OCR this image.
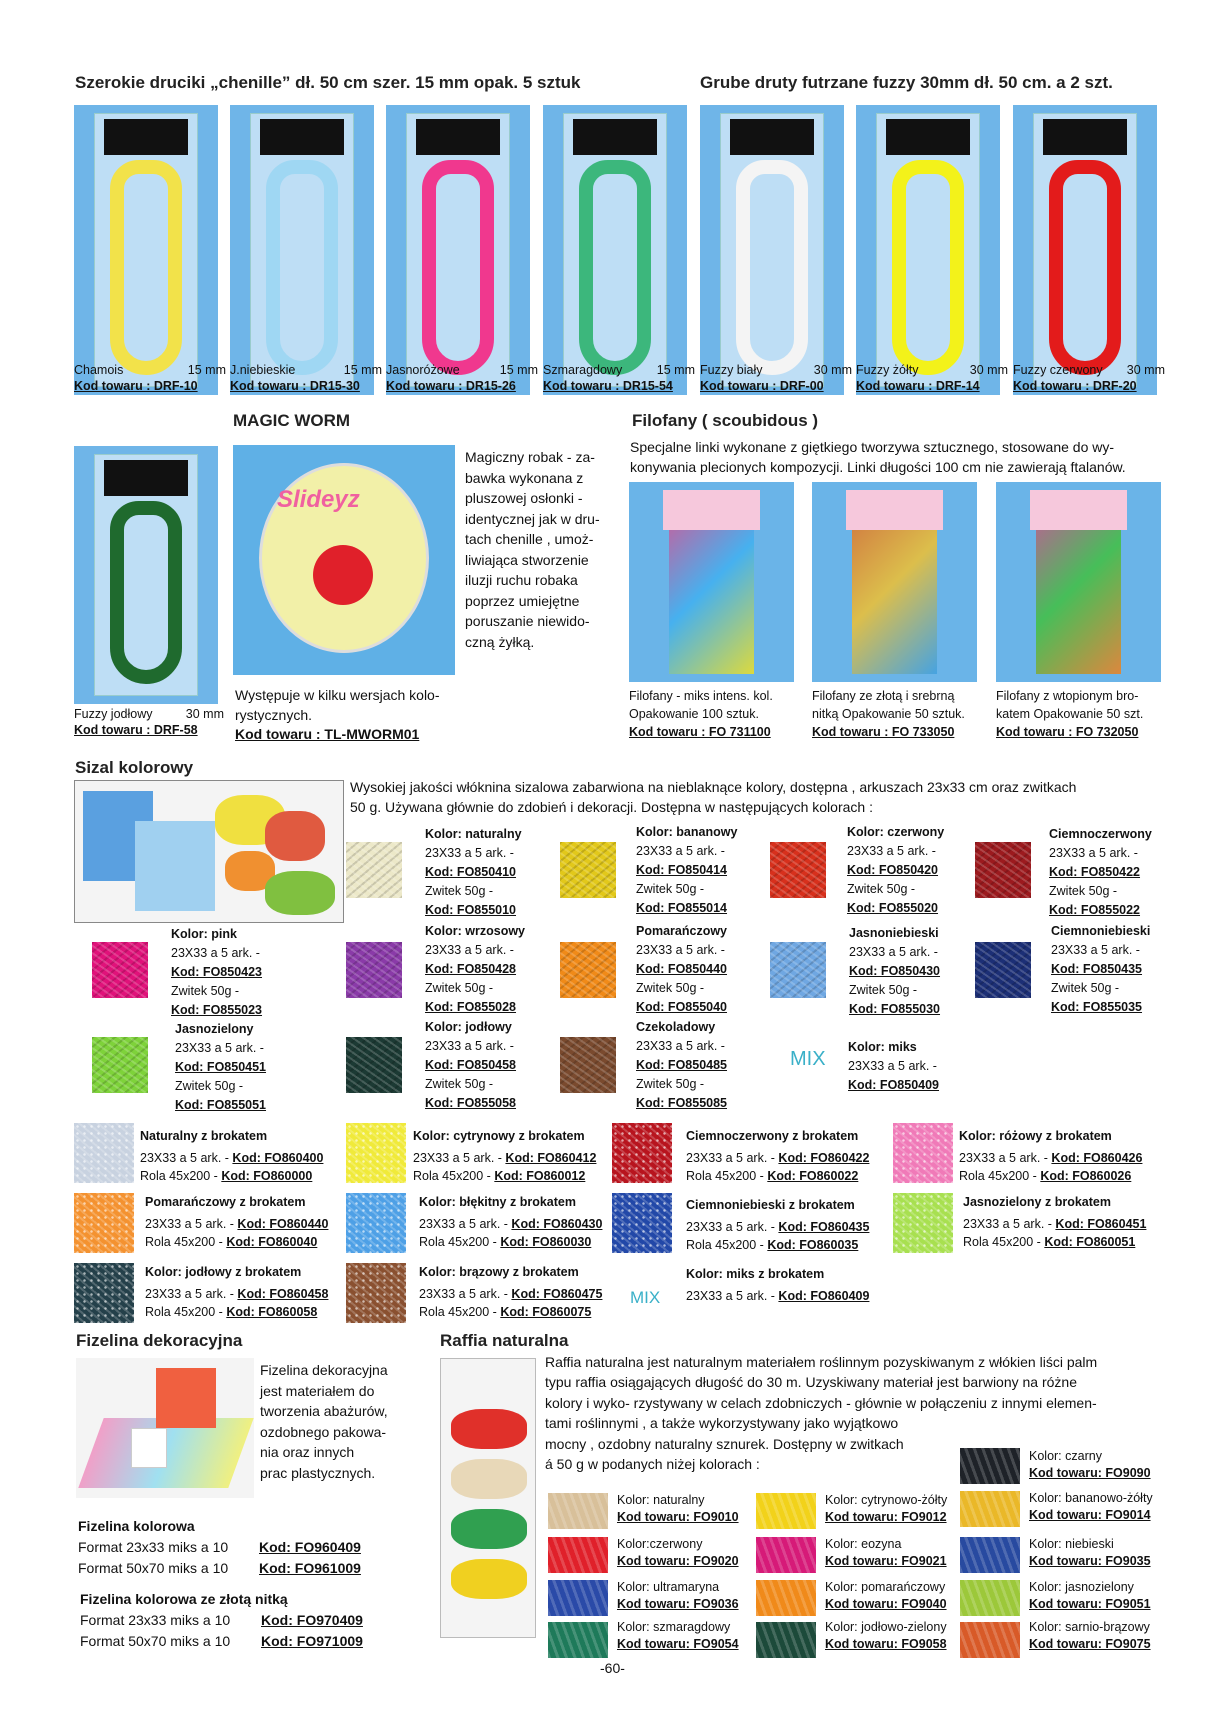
Szerokie druciki „chenille” dł. 50 cm szer. 15 mm opak. 5 sztuk	Grube druty futrzane fuzzy 30mm dł. 50 cm. a 2 szt.
Chamois	15 mm
Kod towaru : DRF-10
J.niebieskie	15 mm
Kod towaru : DR15-30
Jasnoróżowe	15 mm
Kod towaru : DR15-26
Szmaragdowy	15 mm
Kod towaru : DR15-54
Fuzzy biały	30 mm
Kod towaru : DRF-00
Fuzzy żółty	30 mm
Kod towaru : DRF-14
Fuzzy czerwony 30 mm
Kod towaru : DRF-20
Fuzzy jodłowy	30 mm
Kod towaru : DRF-58
MAGIC WORM
Slideyz
Magiczny robak - za-
bawka wykonana z
pluszowej osłonki -
identycznej jak w dru-
tach chenille , umoż-
liwiająca stworzenie
iluzji ruchu robaka
poprzez umiejętne
poruszanie niewido-
czną żyłką.
Występuje w kilku wersjach kolo-
rystycznych.
Kod towaru : TL-MWORM01
Filofany ( scoubidous )
Specjalne linki wykonane z giętkiego tworzywa sztucznego, stosowane do wy-
konywania plecionych kompozycji. Linki długości 100 cm nie zawierają ftalanów.
Filofany - miks intens. kol.
Opakowanie 100 sztuk.
Kod towaru : FO 731100
Filofany ze złotą i srebrną
nitką Opakowanie 50 sztuk.
Kod towaru : FO 733050
Filofany z wtopionym bro-
katem Opakowanie 50 szt.
Kod towaru : FO 732050
Sizal kolorowy
Wysokiej jakości włóknina sizalowa zabarwiona na nieblaknące kolory, dostępna , arkuszach 23x33 cm oraz zwitkach
50 g. Używana głównie do zdobień i dekoracji. Dostępna w następujących kolorach :
Kolor: naturalny
23X33 a 5 ark. -
Kod: FO850410
Zwitek 50g -
Kod: FO855010
Kolor: bananowy
23X33 a 5 ark. -
Kod: FO850414
Zwitek 50g -
Kod: FO855014
Kolor: czerwony
23X33 a 5 ark. -
Kod: FO850420
Zwitek 50g -
Kod: FO855020
Ciemnoczerwony
23X33 a 5 ark. -
Kod: FO850422
Zwitek 50g -
Kod: FO855022
Kolor: pink
23X33 a 5 ark. -
Kod: FO850423
Zwitek 50g -
Kod: FO855023
Kolor: wrzosowy
23X33 a 5 ark. -
Kod: FO850428
Zwitek 50g -
Kod: FO855028
Pomarańczowy
23X33 a 5 ark. -
Kod: FO850440
Zwitek 50g -
Kod: FO855040
Jasnoniebieski
23X33 a 5 ark. -
Kod: FO850430
Zwitek 50g -
Kod: FO855030
Ciemnoniebieski
23X33 a 5 ark. -
Kod: FO850435
Zwitek 50g -
Kod: FO855035
Jasnozielony
23X33 a 5 ark. -
Kod: FO850451
Zwitek 50g -
Kod: FO855051
Kolor: jodłowy
23X33 a 5 ark. -
Kod: FO850458
Zwitek 50g -
Kod: FO855058
Czekoladowy
23X33 a 5 ark. -
Kod: FO850485
Zwitek 50g -
Kod: FO855085
MIX
Kolor: miks
23X33 a 5 ark. -
Kod: FO850409
Naturalny z brokatem
23X33 a 5 ark. - Kod: FO860400
Rola 45x200 - Kod: FO860000
Kolor: cytrynowy z brokatem
23X33 a 5 ark. - Kod: FO860412
Rola 45x200 - Kod: FO860012
Ciemnoczerwony z brokatem
23X33 a 5 ark. - Kod: FO860422
Rola 45x200 - Kod: FO860022
Kolor: różowy z brokatem
23X33 a 5 ark. - Kod: FO860426
Rola 45x200 - Kod: FO860026
Pomarańczowy z brokatem
23X33 a 5 ark. - Kod: FO860440
Rola 45x200 - Kod: FO860040
Kolor: błękitny z brokatem
23X33 a 5 ark. - Kod: FO860430
Rola 45x200 - Kod: FO860030
Ciemnoniebieski z brokatem
23X33 a 5 ark. - Kod: FO860435
Rola 45x200 - Kod: FO860035
Jasnozielony z brokatem
23X33 a 5 ark. - Kod: FO860451
Rola 45x200 - Kod: FO860051
Kolor: jodłowy z brokatem
23X33 a 5 ark. - Kod: FO860458
Rola 45x200 - Kod: FO860058
Kolor: brązowy z brokatem
23X33 a 5 ark. - Kod: FO860475
Rola 45x200 - Kod: FO860075
MIX
Kolor: miks z brokatem
23X33 a 5 ark. - Kod: FO860409
Fizelina dekoracyjna
Fizelina dekoracyjna
jest materiałem do
tworzenia abażurów,
ozdobnego pakowa-
nia oraz innych
prac plastycznych.
Fizelina kolorowa
Format 23x33 miks a 10 Kod: FO960409
Format 50x70 miks a 10 Kod: FO961009
Fizelina kolorowa ze złotą nitką
Format 23x33 miks a 10 Kod: FO970409
Format 50x70 miks a 10 Kod: FO971009
Raffia naturalna
Raffia naturalna jest naturalnym materiałem roślinnym pozyskiwanym z włókien liści palm
typu raffia osiągających długość do 30 m. Uzyskiwany materiał jest barwiony na różne
kolory i wyko- rzystywany w celach zdobniczych - głównie w połączeniu z innymi elemen-
tami roślinnymi , a także wykorzystywany jako wyjątkowo
mocny , ozdobny naturalny sznurek. Dostępny w zwitkach
á 50 g w podanych niżej kolorach :
Kolor: czarny
Kod towaru: FO9090
Kolor: naturalny
Kod towaru: FO9010
Kolor: cytrynowo-żółty
Kod towaru: FO9012
Kolor: bananowo-żółty
Kod towaru: FO9014
Kolor:czerwony
Kod towaru: FO9020
Kolor: eozyna
Kod towaru: FO9021
Kolor: niebieski
Kod towaru: FO9035
Kolor: ultramaryna
Kod towaru: FO9036
Kolor: pomarańczowy
Kod towaru: FO9040
Kolor: jasnozielony
Kod towaru: FO9051
Kolor: szmaragdowy
Kod towaru: FO9054
Kolor: jodłowo-zielony
Kod towaru: FO9058
Kolor: sarnio-brązowy
Kod towaru: FO9075
-60-
